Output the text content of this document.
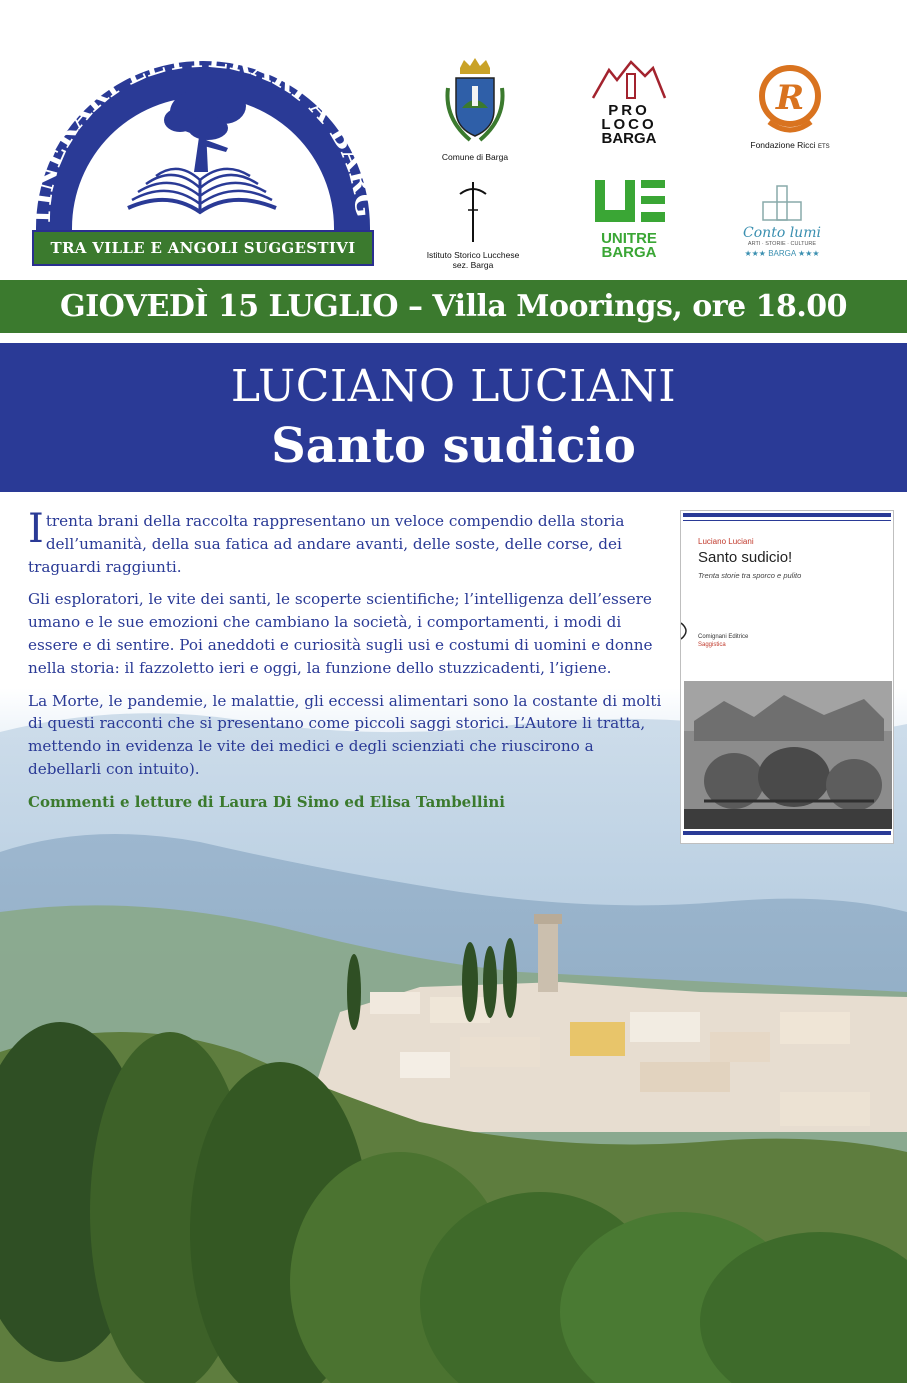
TINERARI LETTERARI A BARG
TRA VILLE E ANGOLI SUGGESTIVI
Comune di Barga
PRO
LOCO
BARGA
R
Fondazione Ricci ETS
Istituto Storico Lucchese
sez. Barga
UNITRE
BARGA
Conto lumi
ARTI · STORIE · CULTURE
★★★ BARGA ★★★
GIOVEDÌ 15 LUGLIO – Villa Moorings, ore 18.00
LUCIANO LUCIANI
Santo sudicio

Itrenta brani della raccolta rappresentano un veloce compendio della storia dell’umanità, della sua fatica ad andare avanti, delle soste, delle corse, dei traguardi raggiunti.

Gli esploratori, le vite dei santi, le scoperte scientifiche; l’intelligenza dell’essere umano e le sue emozioni che cambiano la società, i comportamenti, i modi di essere e di sentire. Poi aneddoti e curiosità sugli usi e costumi di uomini e donne nella storia: il fazzoletto ieri e oggi, la funzione dello stuzzicadenti, l’igiene.

La Morte, le pandemie, le malattie, gli eccessi alimentari sono la costante di molti di questi racconti che si presentano come piccoli saggi storici. L’Autore li tratta, mettendo in evidenza le vite dei medici e degli scienziati che riuscirono a debellarli con intuito).

Commenti e letture di Laura Di Simo ed Elisa Tambellini

Luciano Luciani
Santo sudicio!
Trenta storie tra sporco e pulito
Comignani Editrice
Saggistica
